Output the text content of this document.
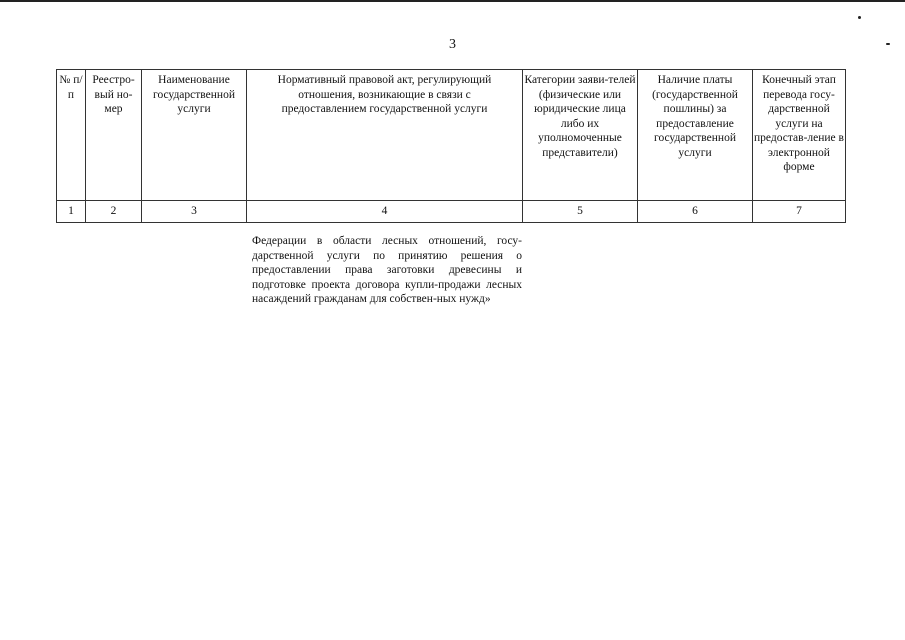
3
№ п/п	Реестро-вый но-мер	Наименование государственной услуги	Нормативный правовой акт, регулирующий отношения, возникающие в связи с предоставлением государственной услуги	Категории заяви-телей (физические или юридические лица либо их уполномоченные представители)	Наличие платы (государственной пошлины) за предоставление государственной услуги	Конечный этап перевода госу-дарственной услуги на предостав-ление в электронной форме
1	2	3	4	5	6	7
Федерации в области лесных отношений, госу-дарственной услуги по принятию решения о предоставлении права заготовки древесины и подготовке проекта договора купли-продажи лесных насаждений гражданам для собствен-ных нужд»
